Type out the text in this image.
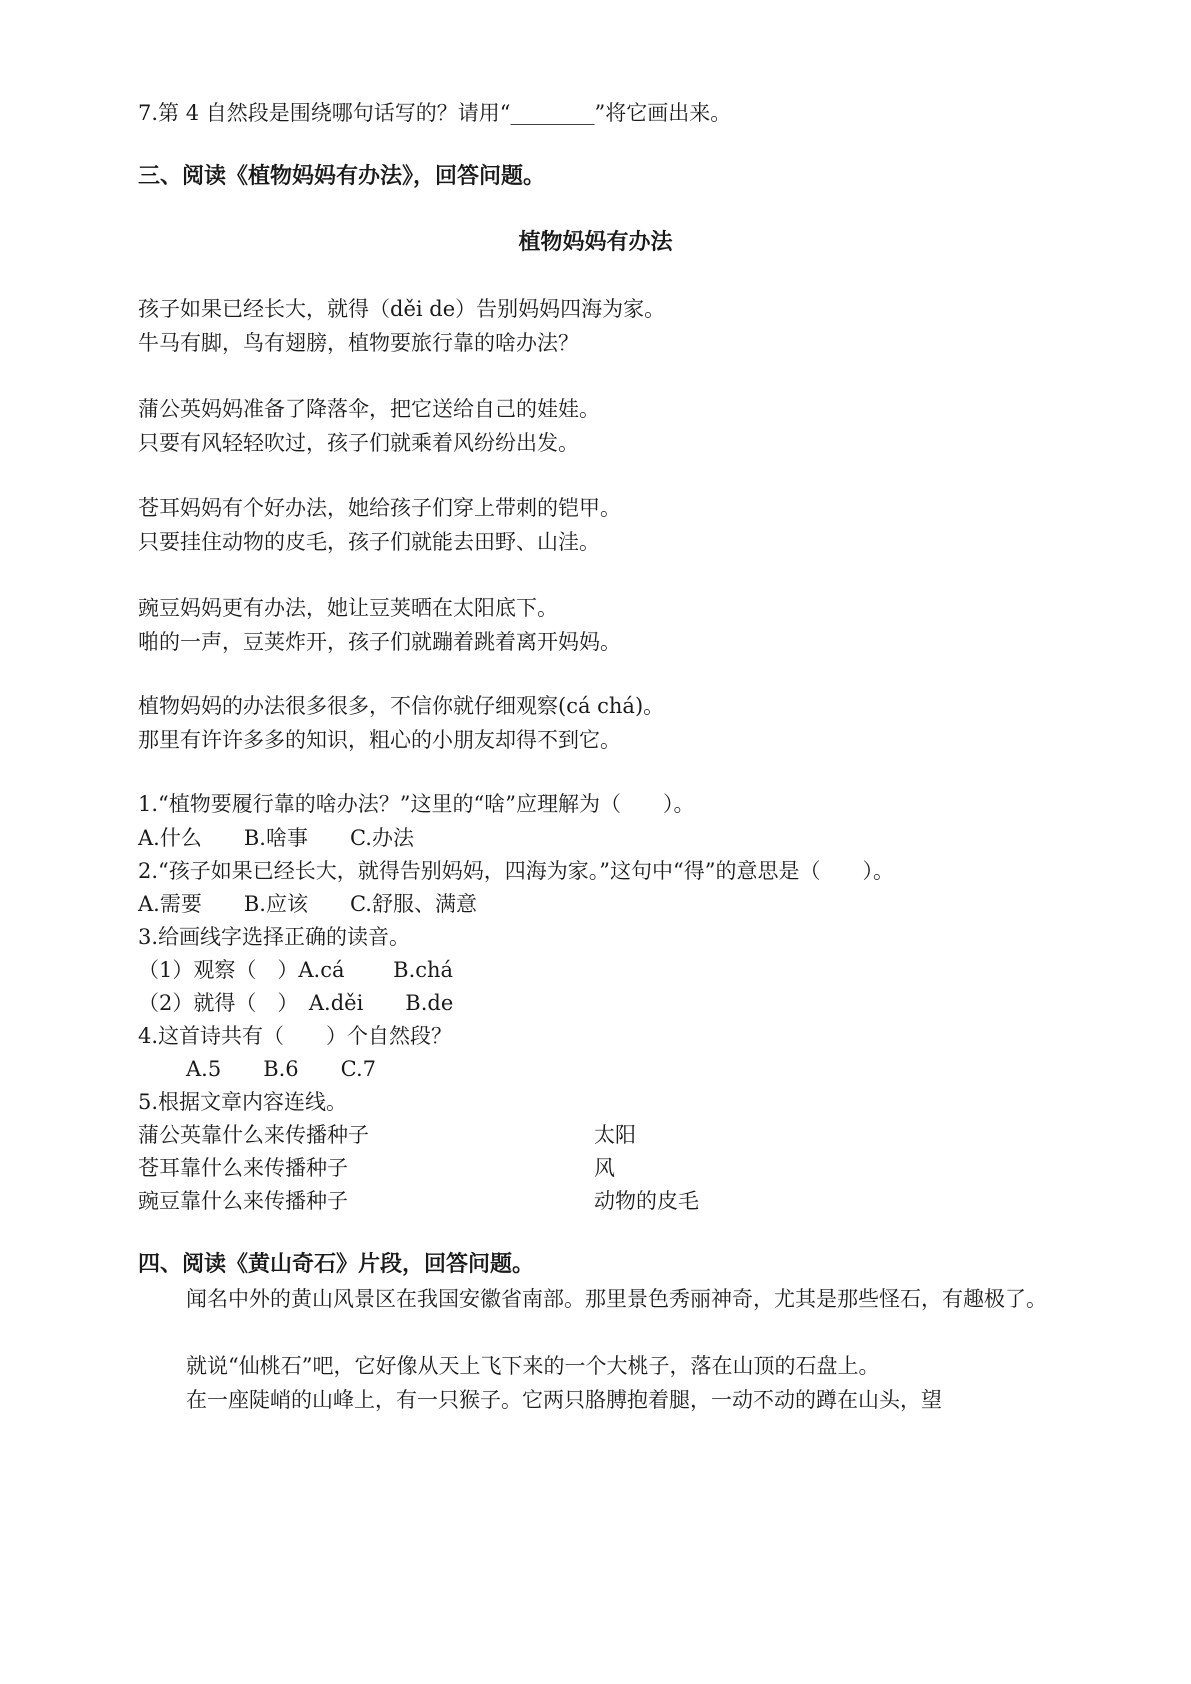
7.第 4 自然段是围绕哪句话写的？请用“________”将它画出来。
三、阅读《植物妈妈有办法》，回答问题。
植物妈妈有办法
孩子如果已经长大，就得（děi de）告别妈妈四海为家。
牛马有脚，鸟有翅膀，植物要旅行靠的啥办法？
蒲公英妈妈准备了降落伞，把它送给自己的娃娃。
只要有风轻轻吹过，孩子们就乘着风纷纷出发。
苍耳妈妈有个好办法，她给孩子们穿上带刺的铠甲。
只要挂住动物的皮毛，孩子们就能去田野、山洼。
豌豆妈妈更有办法，她让豆荚晒在太阳底下。
啪的一声，豆荚炸开，孩子们就蹦着跳着离开妈妈。
植物妈妈的办法很多很多，不信你就仔细观察(cá chá)。
那里有许许多多的知识，粗心的小朋友却得不到它。
1.“植物要履行靠的啥办法？”这里的“啥”应理解为（　　）。
A.什么　　B.啥事　　C.办法
2.“孩子如果已经长大，就得告别妈妈，四海为家。”这句中“得”的意思是（　　）。
A.需要　　B.应该　　C.舒服、满意
3.给画线字选择正确的读音。
（1）观察（　）A.cá　　 B.chá
（2）就得（　）　A.děi　　B.de
4.这首诗共有（　　）个自然段？
A.5　　B.6　　C.7
5.根据文章内容连线。
蒲公英靠什么来传播种子	太阳
苍耳靠什么来传播种子	风
豌豆靠什么来传播种子	动物的皮毛
四、阅读《黄山奇石》片段，回答问题。
闻名中外的黄山风景区在我国安徽省南部。那里景色秀丽神奇，尤其是那些怪石，有趣极了。
就说“仙桃石”吧，它好像从天上飞下来的一个大桃子，落在山顶的石盘上。
在一座陡峭的山峰上，有一只猴子。它两只胳膊抱着腿，一动不动的蹲在山头，望
